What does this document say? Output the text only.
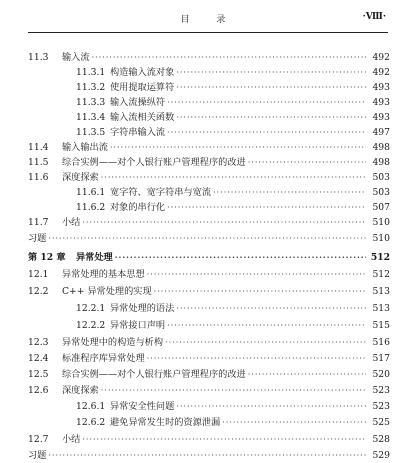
目 录	·Ⅷ·
11.3	输入流 ·····	492
11.3.1 构造输入流对象 ·····	492
11.3.2 使用提取运算符 ·····	493
11.3.3 输入流操纵符 ·····	493
11.3.4 输入流相关函数 ·····	493
11.3.5 字符串输入流 ·····	497
11.4	输入输出流 ·····	498
11.5	综合实例——对个人银行账户管理程序的改进 ·····	498
11.6	深度探索 ·····	503
11.6.1 宽字符、宽字符串与宽流 ·····	503
11.6.2 对象的串行化 ·····	507
11.7	小结 ·····	510
习题 ·····	510
第 12 章	异常处理 ·····	512
12.1	异常处理的基本思想 ·····	512
12.2	C++ 异常处理的实现 ·····	513
12.2.1 异常处理的语法 ·····	513
12.2.2 异常接口声明 ·····	515
12.3	异常处理中的构造与析构 ·····	516
12.4	标准程序库异常处理 ·····	517
12.5	综合实例——对个人银行账户管理程序的改进 ·····	520
12.6	深度探索 ·····	523
12.6.1 异常安全性问题 ·····	523
12.6.2 避免异常发生时的资源泄漏 ·····	525
12.7	小结 ·····	528
习题 ·····	529
